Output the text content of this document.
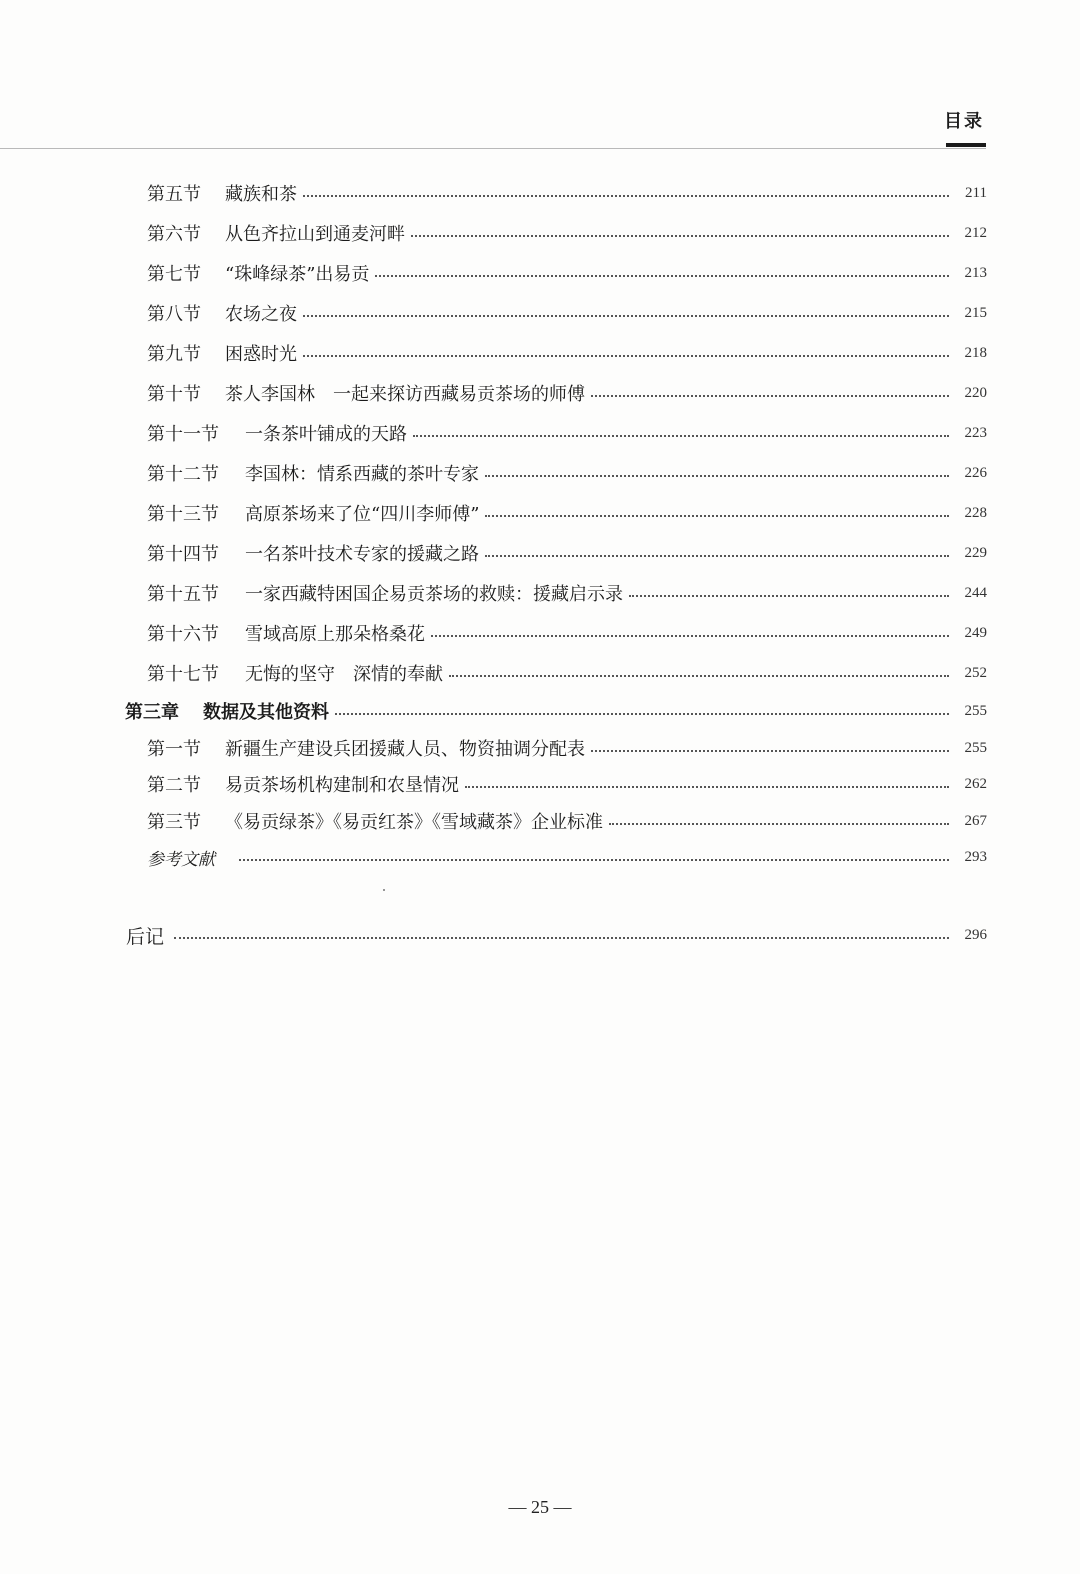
目录
第五节	藏族和茶	211
第六节	从色齐拉山到通麦河畔	212
第七节	“珠峰绿茶”出易贡	213
第八节	农场之夜	215
第九节	困惑时光	218
第十节	茶人李国林　一起来探访西藏易贡茶场的师傅	220
第十一节	一条茶叶铺成的天路	223
第十二节	李国林：情系西藏的茶叶专家	226
第十三节	高原茶场来了位“四川李师傅”	228
第十四节	一名茶叶技术专家的援藏之路	229
第十五节	一家西藏特困国企易贡茶场的救赎：援藏启示录	244
第十六节	雪域高原上那朵格桑花	249
第十七节	无悔的坚守　深情的奉献	252
第三章	数据及其他资料	255
第一节	新疆生产建设兵团援藏人员、物资抽调分配表	255
第二节	易贡茶场机构建制和农垦情况	262
第三节	《易贡绿茶》《易贡红茶》《雪域藏茶》企业标准	267
参考文献	293
后记	296
— 25 —
